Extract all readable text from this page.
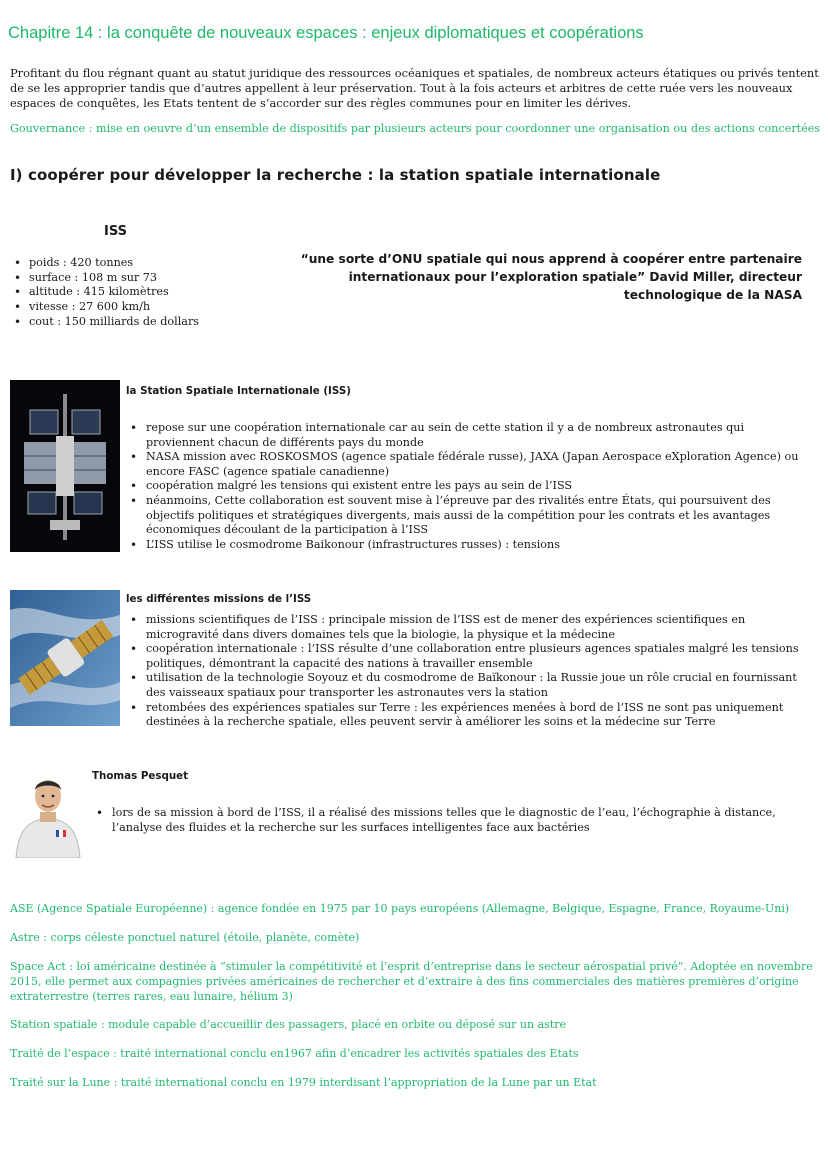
Chapitre 14 : la conquête de nouveaux espaces : enjeux diplomatiques et coopérations
Profitant du flou régnant quant au statut juridique des ressources océaniques et spatiales, de nombreux acteurs étatiques ou privés tentent de se les approprier tandis que d’autres appellent à leur préservation. Tout à la fois acteurs et arbitres de cette ruée vers les nouveaux espaces de conquêtes, les Etats tentent de s’accorder sur des règles communes pour en limiter les dérives.
Gouvernance : mise en oeuvre d’un ensemble de dispositifs par plusieurs acteurs pour coordonner une organisation ou des actions concertées
I) coopérer pour développer la recherche : la station spatiale internationale
ISS
• poids : 420 tonnes
• surface : 108 m sur 73
• altitude : 415 kilomètres
• vitesse : 27 600 km/h
• cout : 150 milliards de dollars
“une sorte d’ONU spatiale qui nous apprend à coopérer entre partenaire internationaux pour l’exploration spatiale” David Miller, directeur technologique de la NASA
la Station Spatiale Internationale (ISS)
• repose sur une coopération internationale car au sein de cette station il y a de nombreux astronautes qui proviennent chacun de différents pays du monde
• NASA mission avec ROSKOSMOS (agence spatiale fédérale russe), JAXA (Japan Aerospace eXploration Agence) ou encore FASC (agence spatiale canadienne)
• coopération malgré les tensions qui existent entre les pays au sein de l’ISS
• néanmoins, Cette collaboration est souvent mise à l’épreuve par des rivalités entre États, qui poursuivent des objectifs politiques et stratégiques divergents, mais aussi de la compétition pour les contrats et les avantages économiques découlant de la participation à l’ISS
• L’ISS utilise le cosmodrome Baikonour (infrastructures russes) : tensions
les différentes missions de l’ISS
• missions scientifiques de l’ISS : principale mission de l’ISS est de mener des expériences scientifiques en microgravité dans divers domaines tels que la biologie, la physique et la médecine
• coopération internationale : l’ISS résulte d’une collaboration entre plusieurs agences spatiales malgré les tensions politiques, démontrant la capacité des nations à travailler ensemble
• utilisation de la technologie Soyouz et du cosmodrome de Baïkonour : la Russie joue un rôle crucial en fournissant des vaisseaux spatiaux pour transporter les astronautes vers la station
• retombées des expériences spatiales sur Terre : les expériences menées à bord de l’ISS ne sont pas uniquement destinées à la recherche spatiale, elles peuvent servir à améliorer les soins et la médecine sur Terre
Thomas Pesquet
• lors de sa mission à bord de l’ISS, il a réalisé des missions telles que le diagnostic de l’eau, l’échographie à distance, l’analyse des fluides et la recherche sur les surfaces intelligentes face aux bactéries
ASE (Agence Spatiale Européenne) : agence fondée en 1975 par 10 pays européens (Allemagne, Belgique, Espagne, France, Royaume-Uni)
Astre : corps céleste ponctuel naturel (étoile, planète, comète)
Space Act : loi américaine destinée à “stimuler la compétitivité et l’esprit d’entreprise dans le secteur aérospatial privé”. Adoptée en novembre 2015, elle permet aux compagnies privées américaines de rechercher et d’extraire à des fins commerciales des matières premières d’origine extraterrestre (terres rares, eau lunaire, hélium 3)
Station spatiale : module capable d’accueillir des passagers, placé en orbite ou déposé sur un astre
Traité de l’espace : traité international conclu en1967 afin d’encadrer les activités spatiales des Etats
Traité sur la Lune : traité international conclu en 1979 interdisant l’appropriation de la Lune par un Etat
